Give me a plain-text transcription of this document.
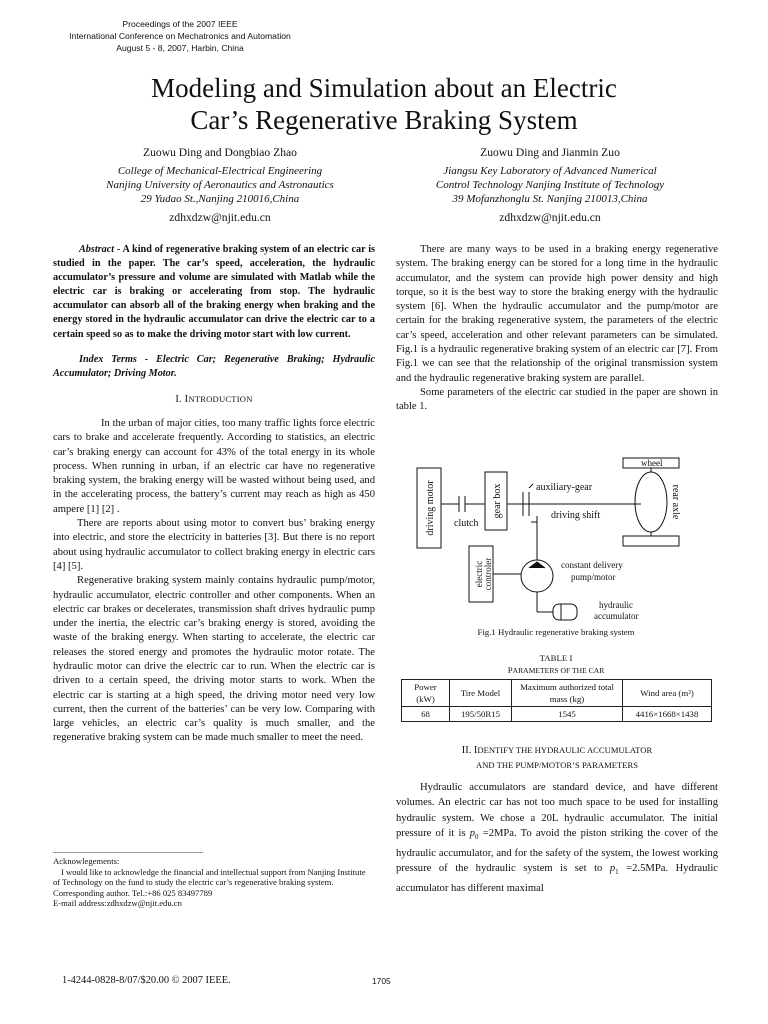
Proceedings of the 2007 IEEE
International Conference on Mechatronics and Automation
August 5 - 8, 2007, Harbin, China
Modeling and Simulation about an Electric
Car’s Regenerative Braking System
Zuowu Ding and Dongbiao Zhao
College of Mechanical-Electrical Engineering
Nanjing University of Aeronautics and Astronautics
29 Yudao St.,Nanjing 210016,China
zdhxdzw@njit.edu.cn
Zuowu Ding and Jianmin Zuo
Jiangsu Key Laboratory of Advanced Numerical
Control Technology Nanjing Institute of Technology
39 Mofanzhonglu St. Nanjing 210013,China
zdhxdzw@njit.edu.cn

Abstract - A kind of regenerative braking system of an electric car is studied in the paper. The car’s speed, acceleration, the hydraulic accumulator’s pressure and volume are simulated with Matlab while the electric car is braking or accelerating from stop. The hydraulic accumulator can absorb all of the braking energy when braking and the energy stored in the hydraulic accumulator can drive the electric car to a certain speed so as to make the driving motor start with low current.

Index Terms - Electric Car; Regenerative Braking; Hydraulic Accumulator; Driving Motor.

I. INTRODUCTION

In the urban of major cities, too many traffic lights force electric cars to brake and accelerate frequently. According to statistics, an electric car’s braking energy can account for 43% of the total energy in its whole process. When running in urban, if an electric car have no regenerative braking system, the braking energy will be wasted without being used, and in the accelerating process, the battery’s current may reach as high as 450 ampere [1] [2] .

There are reports about using motor to convert bus’ braking energy into electric, and store the electricity in batteries [3]. But there is no report about using hydraulic accumulator to collect braking energy in electric cars [4] [5].

Regenerative braking system mainly contains hydraulic pump/motor, hydraulic accumulator, electric controller and other components. When an electric car brakes or decelerates, transmission shaft drives hydraulic pump under the inertia, the electric car’s braking energy is stored, avoiding the waste of the braking energy. When starting to accelerate, the electric car releases the stored energy and promotes the hydraulic motor rotate. The hydraulic motor can drive the electric car to run. When the electric car is driven to a certain speed, the driving motor starts to work. When the electric car is starting at a high speed, the driving motor need very low current, then the current of the batteries’ can be very low. Comparing with large vehicles, an electric car’s quality is much smaller, and the regenerative braking system can be made much smaller to meet the need.

Acknowlegements:
I would like to acknowledge the financial and intellectual support from Nanjing Institute of Technology on the fund to study the electric car’s regenerative braking system.
Corresponding author. Tel.:+86 025 83497789
E-mail address:zdhxdzw@njit.edu.cn

There are many ways to be used in a braking energy regenerative system. The braking energy can be stored for a long time in the hydraulic accumulator, and the system can provide high power density and high torque, so it is the best way to store the braking energy with the hydraulic system [6]. When the hydraulic accumulator and the pump/motor are certain for the braking regenerative system, the parameters of the electric car’s speed, acceleration and other relevant parameters can be simulated. Fig.1 is a hydraulic regenerative braking system of an electric car [7]. From Fig.1 we can see that the relationship of the original transmission system and the hydraulic regenerative braking system are parallel.

Some parameters of the electric car studied in the paper are shown in table 1.

driving motor clutch
gear box	auxiliary-gear
driving shift	rear axle
wheel
electric controler	constant delivery
pump/motor
hydraulic
accumulator
Fig.1 Hydraulic regenerative braking system
TABLE I
PARAMETERS OF THE CAR
Power (kW)	Tire Model	Maximum authorized total mass (kg)	Wind area (m²)
68	195/50R15	1545	4416×1668×1438
II. IDENTIFY THE HYDRAULIC ACCUMULATOR
AND THE PUMP/MOTOR’S PARAMETERS

Hydraulic accumulators are standard device, and have different volumes. An electric car has not too much space to be used for installing hydraulic system. We chose a 20L hydraulic accumulator. The initial pressure of it is $p_0 =2MPa$. To avoid the piston striking the cover of the hydraulic accumulator, and for the safety of the system, the lowest working pressure of the hydraulic system is set to $p_1 =2.5MPa$. Hydraulic accumulator has different maximal

1-4244-0828-8/07/$20.00 © 2007 IEEE.	1705
